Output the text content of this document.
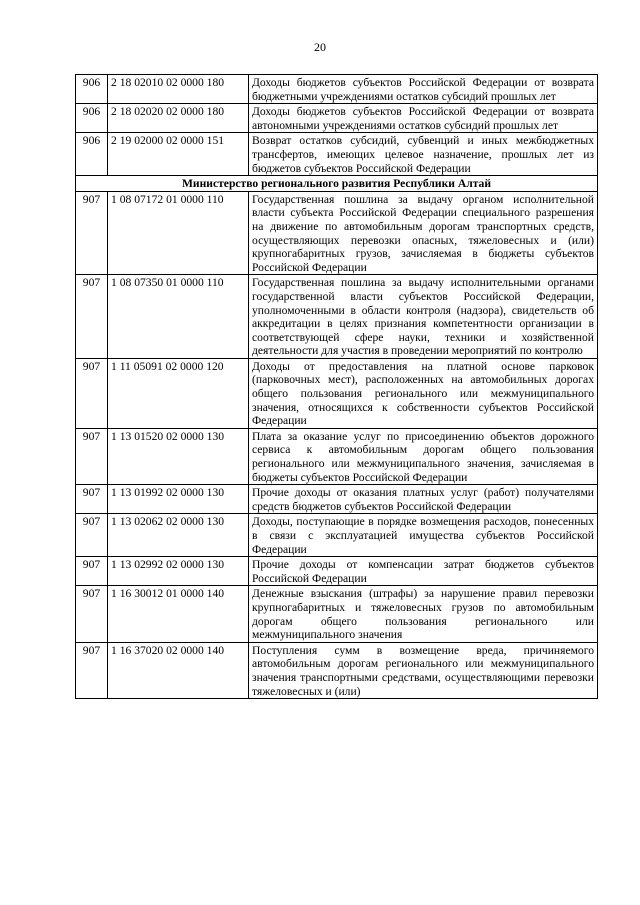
20
906	2 18 02010 02 0000 180	Доходы бюджетов субъектов Российской Федерации от возврата бюджетными учреждениями остатков субсидий прошлых лет
906	2 18 02020 02 0000 180	Доходы бюджетов субъектов Российской Федерации от возврата автономными учреждениями остатков субсидий прошлых лет
906	2 19 02000 02 0000 151	Возврат остатков субсидий, субвенций и иных межбюджетных трансфертов, имеющих целевое назначение, прошлых лет из бюджетов субъектов Российской Федерации
Министерство регионального развития Республики Алтай		
907	1 08 07172 01 0000 110	Государственная пошлина за выдачу органом исполнительной власти субъекта Российской Федерации специального разрешения на движение по автомобильным дорогам транспортных средств, осуществляющих перевозки опасных, тяжеловесных и (или) крупногабаритных грузов, зачисляемая в бюджеты субъектов Российской Федерации
907	1 08 07350 01 0000 110	Государственная пошлина за выдачу исполнительными органами государственной власти субъектов Российской Федерации, уполномоченными в области контроля (надзора), свидетельств об аккредитации в целях признания компетентности организации в соответствующей сфере науки, техники и хозяйственной деятельности для участия в проведении мероприятий по контролю
907	1 11 05091 02 0000 120	Доходы от предоставления на платной основе парковок (парковочных мест), расположенных на автомобильных дорогах общего пользования регионального или межмуниципального значения, относящихся к собственности субъектов Российской Федерации
907	1 13 01520 02 0000 130	Плата за оказание услуг по присоединению объектов дорожного сервиса к автомобильным дорогам общего пользования регионального или межмуниципального значения, зачисляемая в бюджеты субъектов Российской Федерации
907	1 13 01992 02 0000 130	Прочие доходы от оказания платных услуг (работ) получателями средств бюджетов субъектов Российской Федерации
907	1 13 02062 02 0000 130	Доходы, поступающие в порядке возмещения расходов, понесенных в связи с эксплуатацией имущества субъектов Российской Федерации
907	1 13 02992 02 0000 130	Прочие доходы от компенсации затрат бюджетов субъектов Российской Федерации
907	1 16 30012 01 0000 140	Денежные взыскания (штрафы) за нарушение правил перевозки крупногабаритных и тяжеловесных грузов по автомобильным дорогам общего пользования регионального или межмуниципального значения
907	1 16 37020 02 0000 140	Поступления сумм в возмещение вреда, причиняемого автомобильным дорогам регионального или межмуниципального значения транспортными средствами, осуществляющими перевозки тяжеловесных и (или)
